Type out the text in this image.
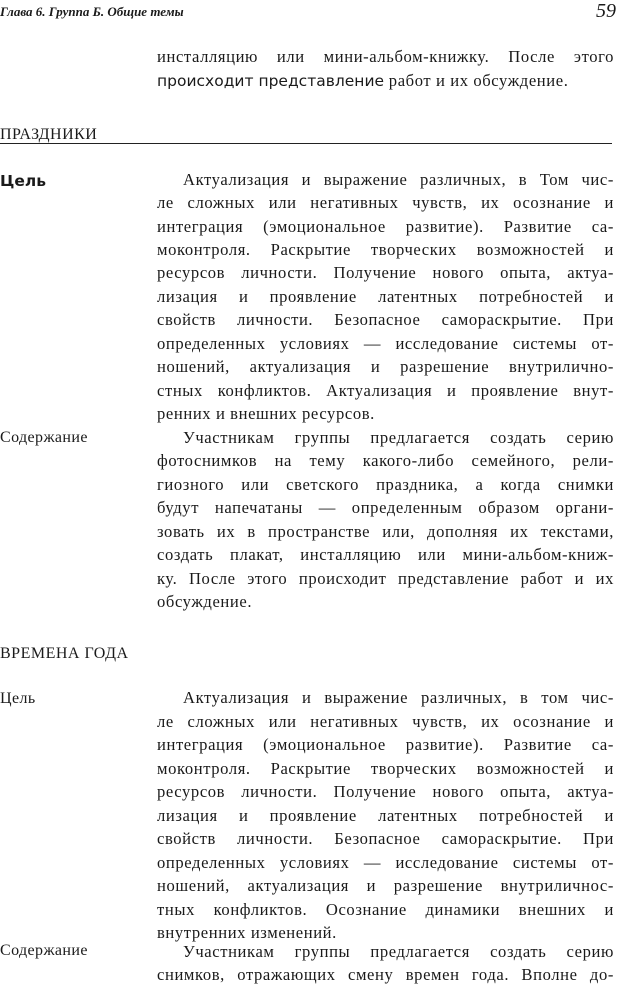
Глава 6. Группа Б. Общие темы	59
инсталляцию или мини-альбом-книжку. После этого
происходит представление работ и их обсуждение.
ПРАЗДНИКИ
Цель	Актуализация и выражение различных, в Том чис-
ле сложных или негативных чувств, их осознание и
интеграция (эмоциональное развитие). Развитие са-
моконтроля. Раскрытие творческих возможностей и
ресурсов личности. Получение нового опыта, актуа-
лизация и проявление латентных потребностей и
свойств личности. Безопасное самораскрытие. При
определенных условиях — исследование системы от-
ношений, актуализация и разрешение внутрилично-
стных конфликтов. Актуализация и проявление внут-
ренних и внешних ресурсов.
Содержание	Участникам группы предлагается создать серию
фотоснимков на тему какого-либо семейного, рели-
гиозного или светского праздника, а когда снимки
будут напечатаны — определенным образом органи-
зовать их в пространстве или, дополняя их текстами,
создать плакат, инсталляцию или мини-альбом-книж-
ку. После этого происходит представление работ и их
обсуждение.
ВРЕМЕНА ГОДА
Цель	Актуализация и выражение различных, в том чис-
ле сложных или негативных чувств, их осознание и
интеграция (эмоциональное развитие). Развитие са-
моконтроля. Раскрытие творческих возможностей и
ресурсов личности. Получение нового опыта, актуа-
лизация и проявление латентных потребностей и
свойств личности. Безопасное самораскрытие. При
определенных условиях — исследование системы от-
ношений, актуализация и разрешение внутриличнос-
тных конфликтов. Осознание динамики внешних и
внутренних изменений.
Содержание	Участникам группы предлагается создать серию
снимков, отражающих смену времен года. Вполне до-
